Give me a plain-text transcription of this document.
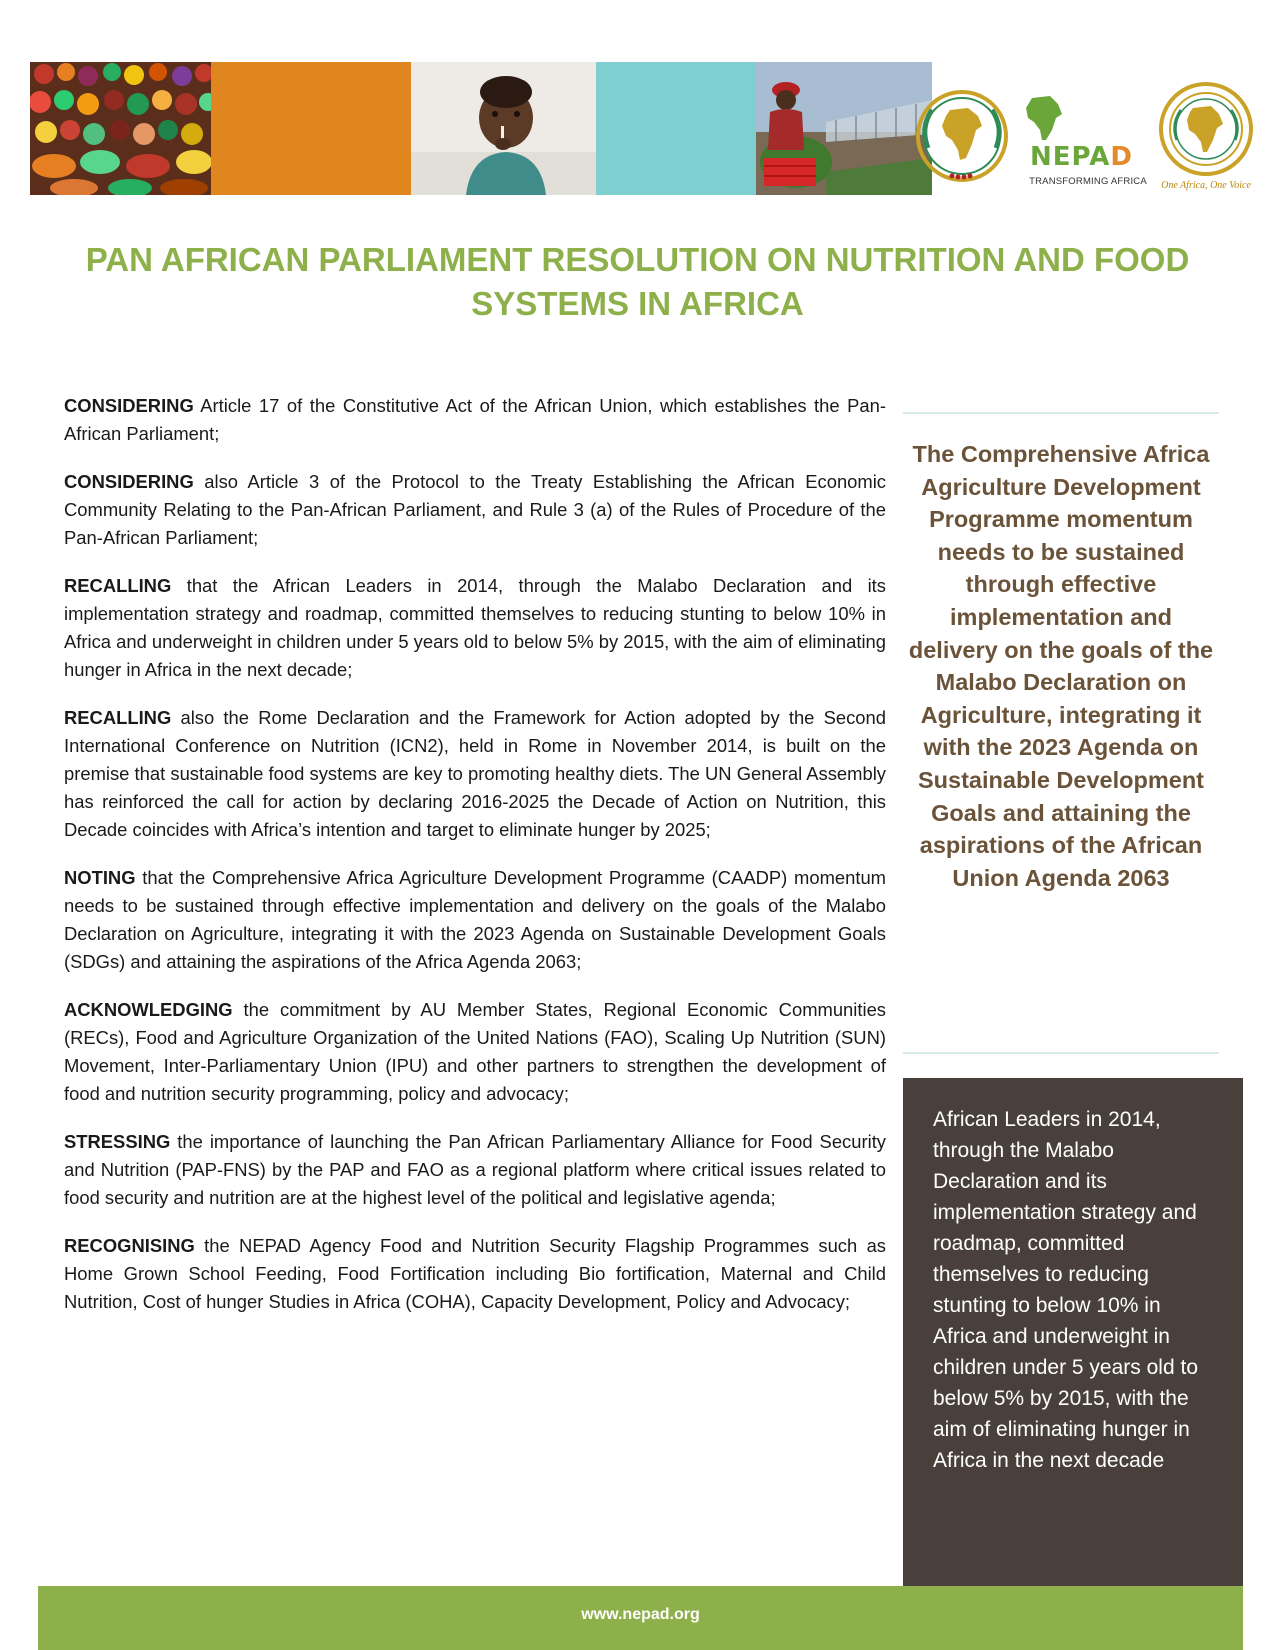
NEPAD
TRANSFORMING AFRICA	One Africa, One Voice
PAN AFRICAN PARLIAMENT RESOLUTION ON NUTRITION AND FOOD SYSTEMS IN AFRICA

CONSIDERING Article 17 of the Constitutive Act of the African Union, which establishes the Pan-African Parliament;

CONSIDERING also Article 3 of the Protocol to the Treaty Establishing the African Economic Community Relating to the Pan-African Parliament, and Rule 3 (a) of the Rules of Procedure of the Pan-African Parliament;

RECALLING that the African Leaders in 2014, through the Malabo Declaration and its implementation strategy and roadmap, committed themselves to reducing stunting to below 10% in Africa and underweight in children under 5 years old to below 5% by 2015, with the aim of eliminating hunger in Africa in the next decade;

RECALLING also the Rome Declaration and the Framework for Action adopted by the Second International Conference on Nutrition (ICN2), held in Rome in November 2014, is built on the premise that sustainable food systems are key to promoting healthy diets. The UN General Assembly has reinforced the call for action by declaring 2016-2025 the Decade of Action on Nutrition, this Decade coincides with Africa’s intention and target to eliminate hunger by 2025;

NOTING that the Comprehensive Africa Agriculture Development Programme (CAADP) momentum needs to be sustained through effective implementation and delivery on the goals of the Malabo Declaration on Agriculture, integrating it with the 2023 Agenda on Sustainable Development Goals (SDGs) and attaining the aspirations of the Africa Agenda 2063;

ACKNOWLEDGING the commitment by AU Member States, Regional Economic Communities (RECs), Food and Agriculture Organization of the United Nations (FAO), Scaling Up Nutrition (SUN) Movement, Inter-Parliamentary Union (IPU) and other partners to strengthen the development of food and nutrition security programming, policy and advocacy;

STRESSING the importance of launching the Pan African Parliamentary Alliance for Food Security and Nutrition (PAP-FNS) by the PAP and FAO as a regional platform where critical issues related to food security and nutrition are at the highest level of the political and legislative agenda;

RECOGNISING the NEPAD Agency Food and Nutrition Security Flagship Programmes such as Home Grown School Feeding, Food Fortification including Bio fortification, Maternal and Child Nutrition, Cost of hunger Studies in Africa (COHA), Capacity Development, Policy and Advocacy;

The Comprehensive Africa Agriculture Development Programme momentum needs to be sustained through effective implementation and delivery on the goals of the Malabo Declaration on Agriculture, integrating it with the 2023 Agenda on Sustainable Development Goals and attaining the aspirations of the African Union Agenda 2063

African Leaders in 2014, through the Malabo Declaration and its implementation strategy and roadmap, committed themselves to reducing stunting to below 10% in Africa and underweight in children under 5 years old to below 5% by 2015, with the aim of eliminating hunger in Africa in the next decade

www.nepad.org
